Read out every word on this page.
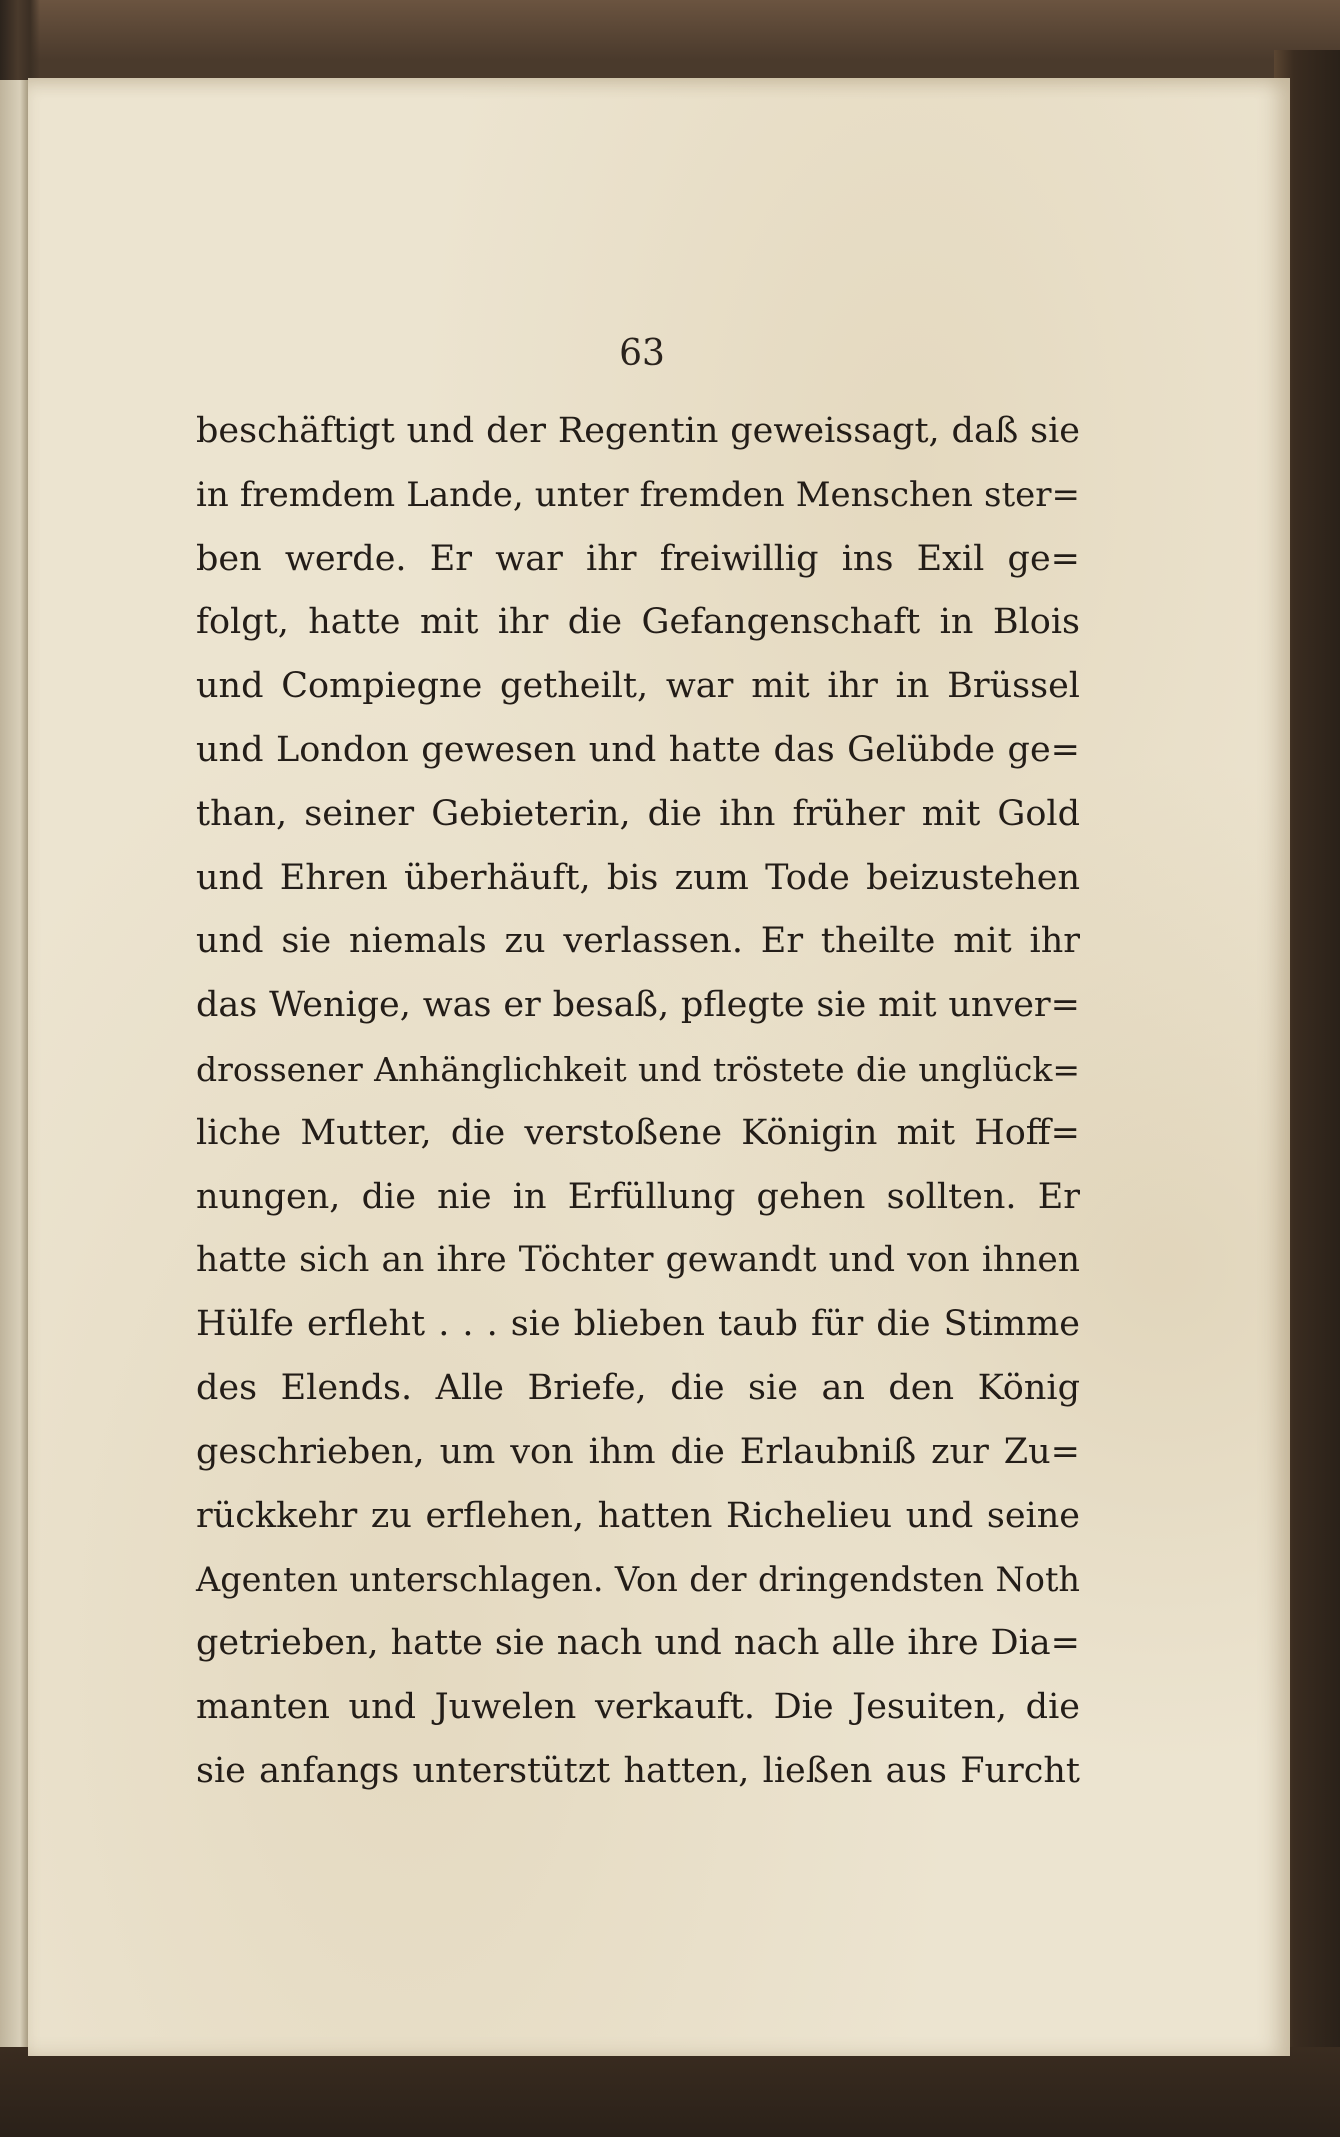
63

beschäftigt und der Regentin geweissagt, daß sie
in fremdem Lande, unter fremden Menschen ster=
ben werde. Er war ihr freiwillig ins Exil ge=
folgt, hatte mit ihr die Gefangenschaft in Blois
und Compiegne getheilt, war mit ihr in Brüssel
und London gewesen und hatte das Gelübde ge=
than, seiner Gebieterin, die ihn früher mit Gold
und Ehren überhäuft, bis zum Tode beizustehen
und sie niemals zu verlassen. Er theilte mit ihr
das Wenige, was er besaß, pflegte sie mit unver=
drossener Anhänglichkeit und tröstete die unglück=
liche Mutter, die verstoßene Königin mit Hoff=
nungen, die nie in Erfüllung gehen sollten. Er
hatte sich an ihre Töchter gewandt und von ihnen
Hülfe erfleht . . . sie blieben taub für die Stimme
des Elends. Alle Briefe, die sie an den König
geschrieben, um von ihm die Erlaubniß zur Zu=
rückkehr zu erflehen, hatten Richelieu und seine
Agenten unterschlagen. Von der dringendsten Noth
getrieben, hatte sie nach und nach alle ihre Dia=
manten und Juwelen verkauft. Die Jesuiten, die
sie anfangs unterstützt hatten, ließen aus Furcht
